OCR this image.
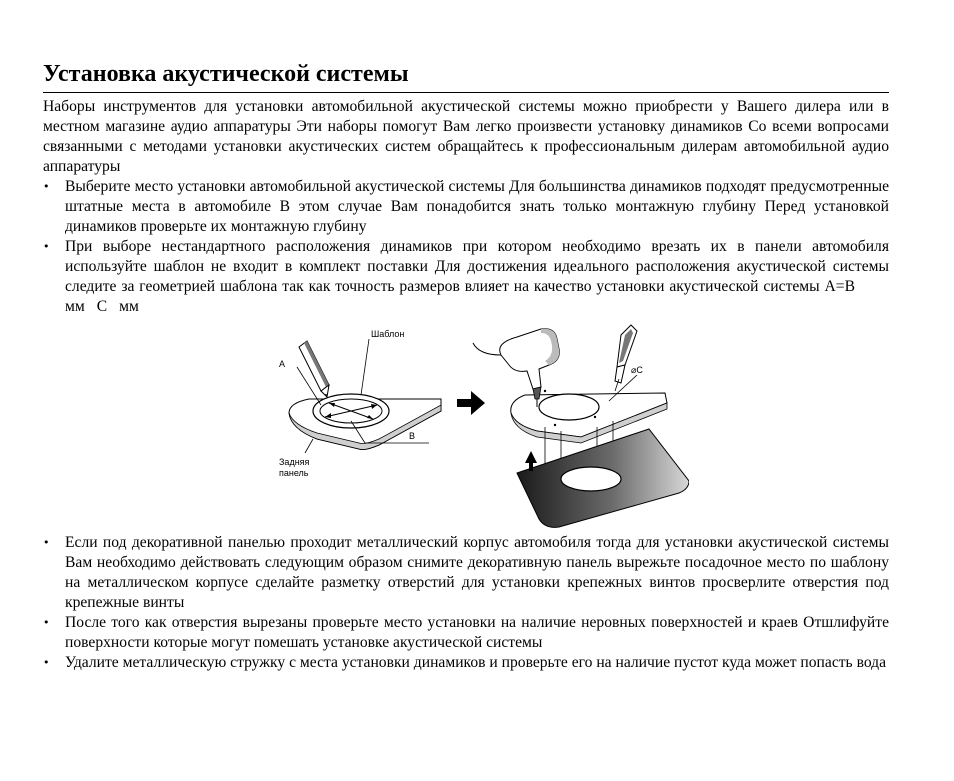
Установка акустической системы

Наборы инструментов для установки автомобильной акустической системы можно приобрести у Вашего дилера или в местном магазине аудио аппаратуры Эти наборы помогут Вам легко произвести установку динамиков Со всеми вопросами связанными с методами установки акустических систем обращайтесь к профессиональным дилерам автомобильной аудио аппаратуры

• Выберите место установки автомобильной акустической системы Для большинства динамиков подходят предусмотренные штатные места в автомобиле В этом случае Вам понадобится знать только монтажную глубину Перед установкой динамиков проверьте их монтажную глубину
• При выборе нестандартного расположения динамиков при котором необходимо врезать их в панели автомобиля используйте шаблон не входит в комплект поставки Для достижения идеального расположения акустической системы следите за геометрией шаблона так как точность размеров влияет на качество установки акустической системы А=Вмм С мм
Шаблон
A
B
Задняя
панель
⌀C
• Если под декоративной панелью проходит металлический корпус автомобиля тогда для установки акустической системы Вам необходимо действовать следующим образом снимите декоративную панель вырежьте посадочное место по шаблону на металлическом корпусе сделайте разметку отверстий для установки крепежных винтов просверлите отверстия под крепежные винты
• После того как отверстия вырезаны проверьте место установки на наличие неровных поверхностей и краев Отшлифуйте поверхности которые могут помешать установке акустической системы
• Удалите металлическую стружку с места установки динамиков и проверьте его на наличие пустот куда может попасть вода
